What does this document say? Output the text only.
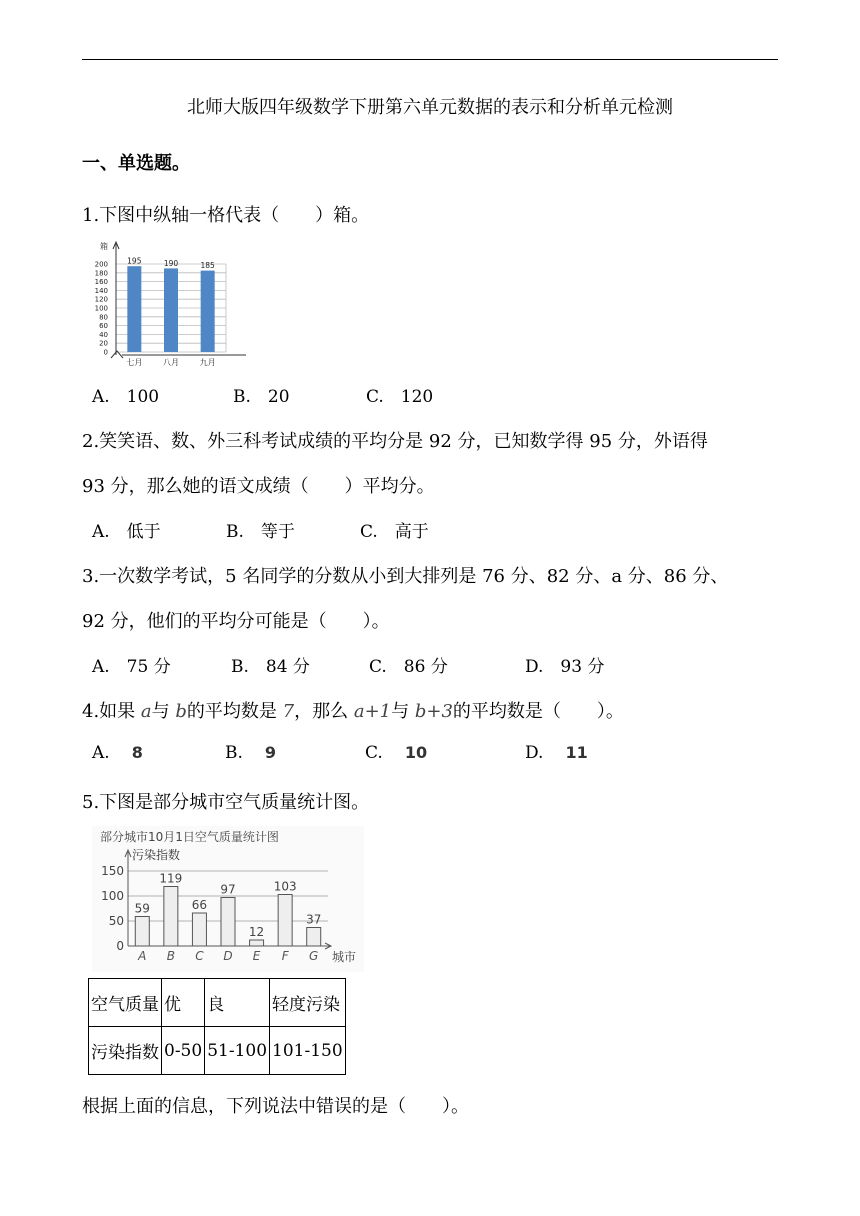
北师大版四年级数学下册第六单元数据的表示和分析单元检测
一、单选题。
1.下图中纵轴一格代表（　　）箱。
0
20
40
60
80
100
120
140
160
180
200	195
七月
190
八月
185
九月
箱
A.　100	B.　20	C.　120
2.笑笑语、数、外三科考试成绩的平均分是 92 分，已知数学得 95 分，外语得
93 分，那么她的语文成绩（　　）平均分。
A.　低于	B.　等于	C.　高于
3.一次数学考试，5 名同学的分数从小到大排列是 76 分、82 分、a 分、86 分、
92 分，他们的平均分可能是（　　）。
A.　75 分	B.　84 分	C.　86 分	D.　93 分
4.如果 a与 b的平均数是 7，那么 a+1与 b+3的平均数是（　　）。
A. 8	B. 9	C. 10	D. 11
5.下图是部分城市空气质量统计图。
部分城市10月1日空气质量统计图
污染指数
0
50
100
150
59
A
119
B
66
C
97
D
12
E
103
F
37
G 城市
空气质量	优	良	轻度污染
污染指数	0-50	51-100	101-150
根据上面的信息，下列说法中错误的是（　　）。
